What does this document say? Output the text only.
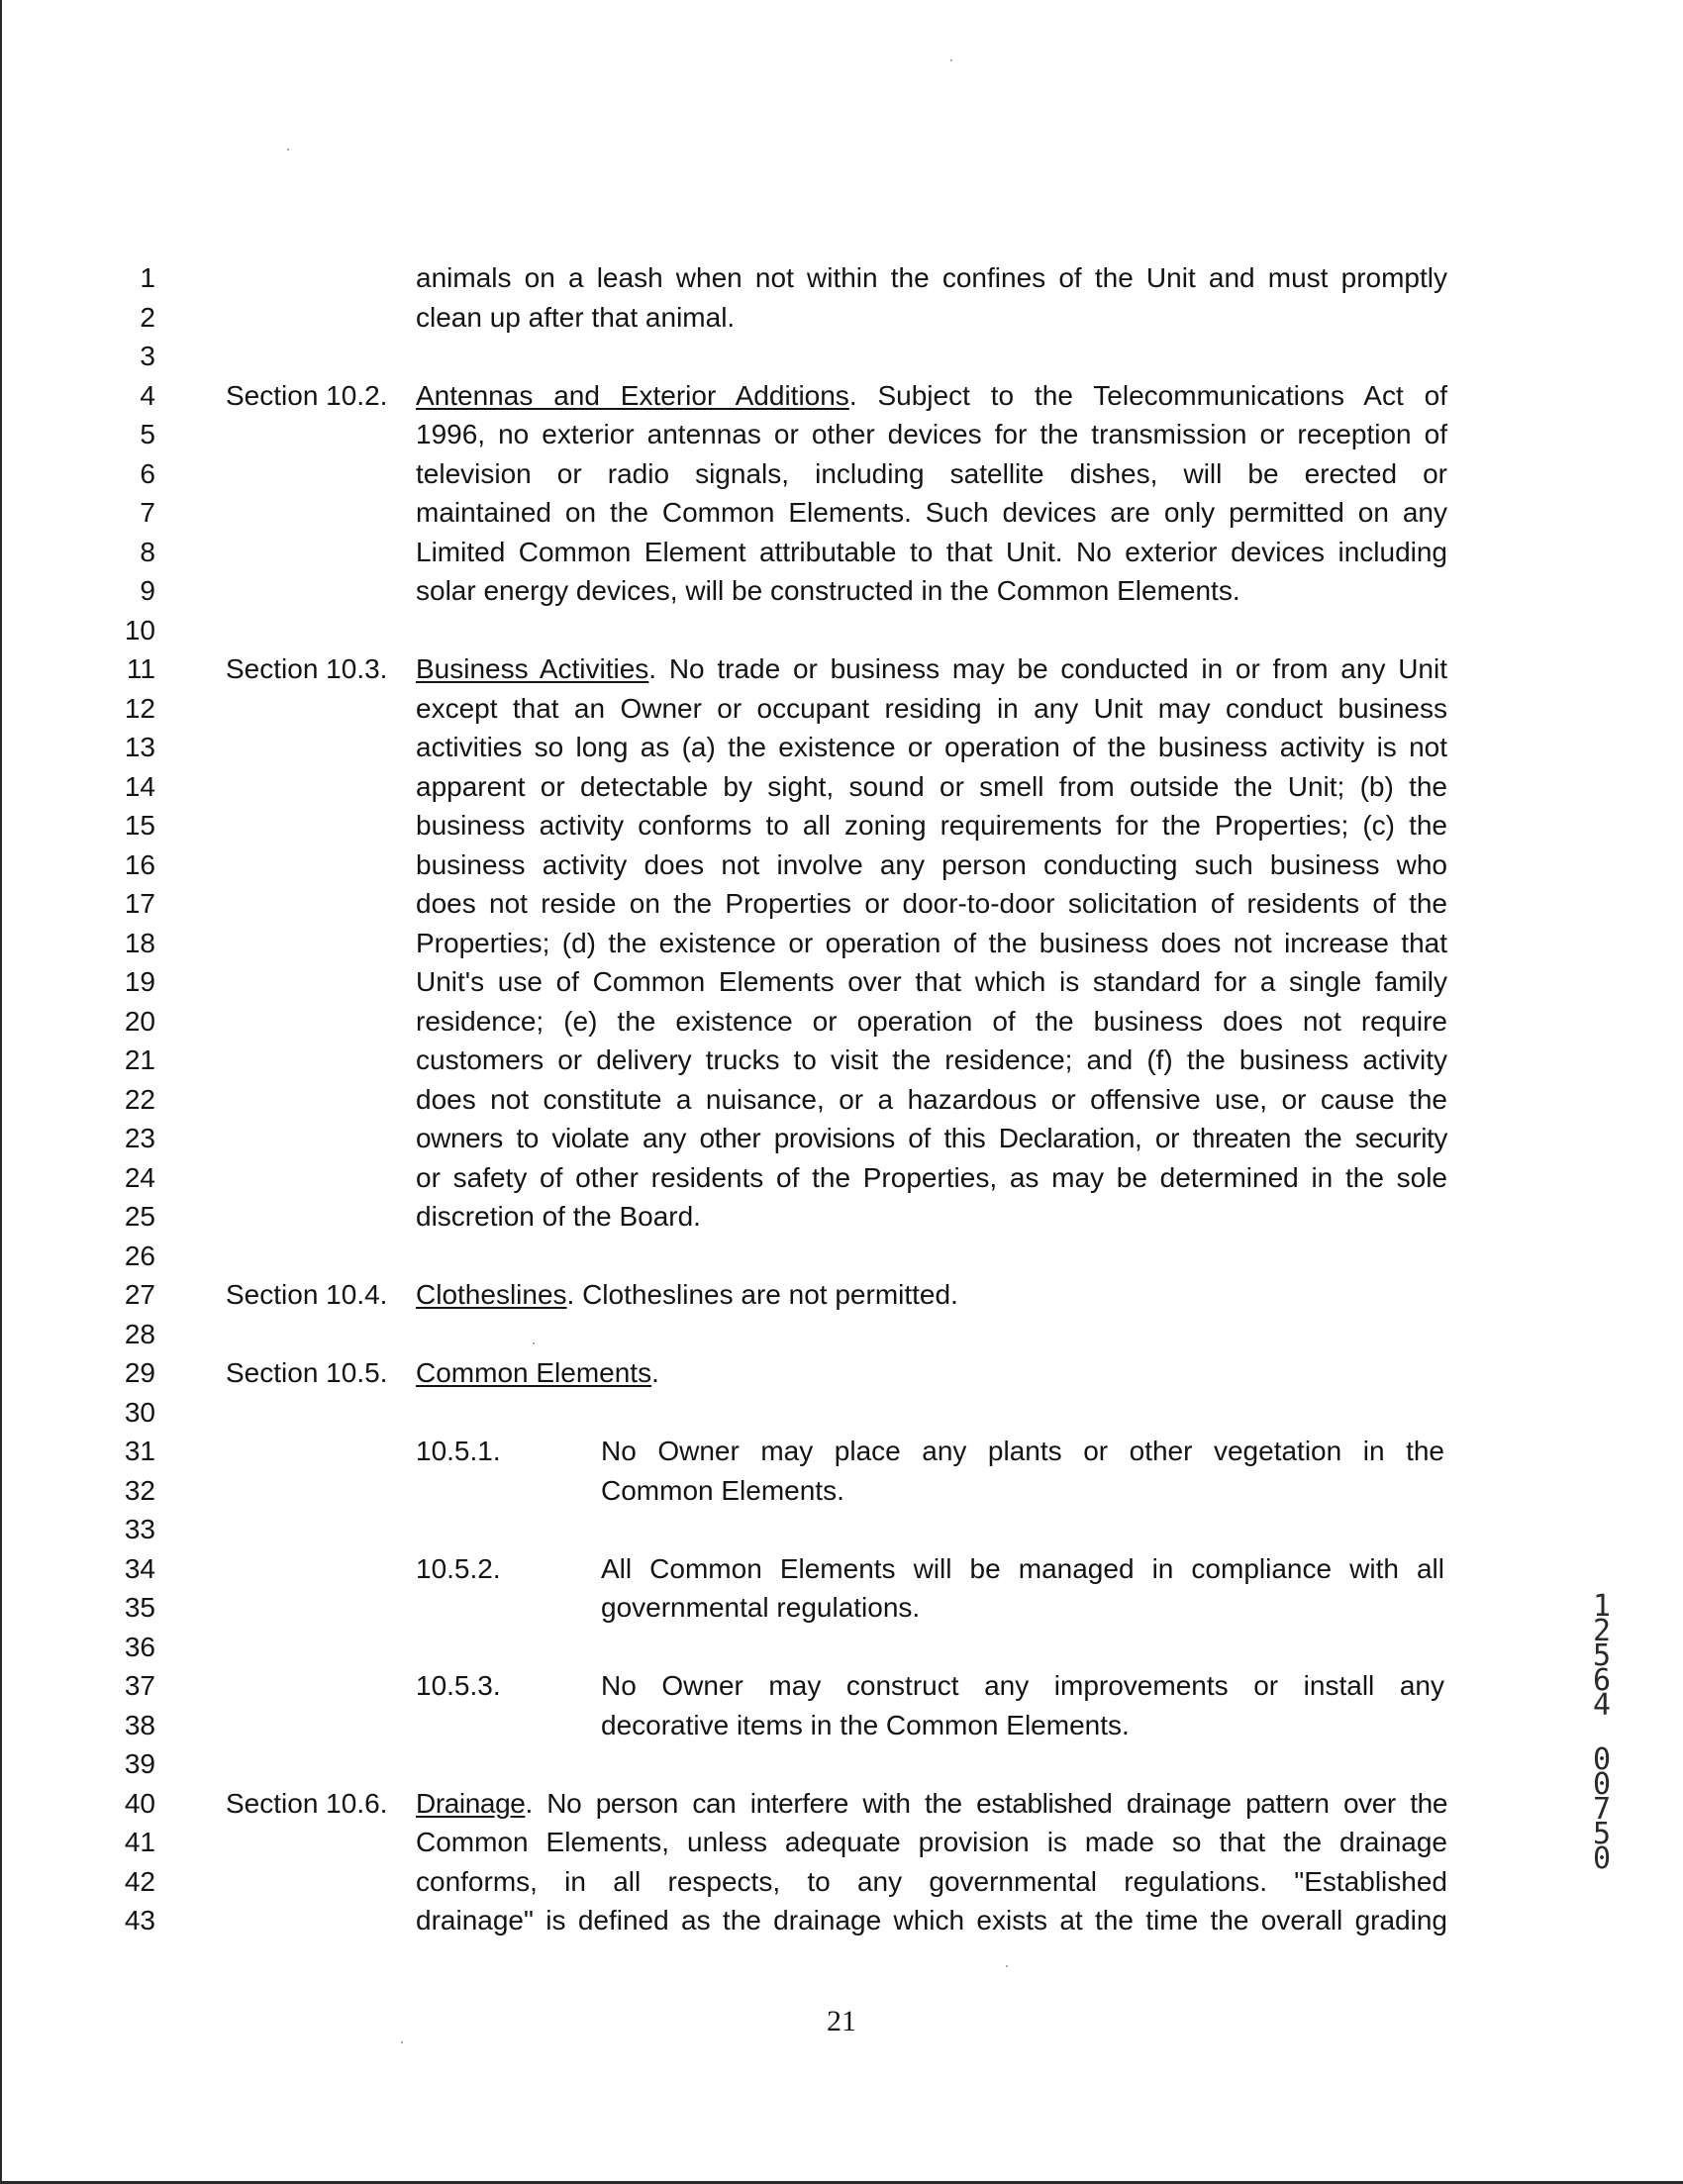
1	animals on a leash when not within the confines of the Unit and must promptly
2	clean up after that animal.
3
4	Section 10.2. Antennas and Exterior Additions. Subject to the Telecommunications Act of
5	1996, no exterior antennas or other devices for the transmission or reception of
6	television or radio signals, including satellite dishes, will be erected or
7	maintained on the Common Elements. Such devices are only permitted on any
8	Limited Common Element attributable to that Unit. No exterior devices including
9	solar energy devices, will be constructed in the Common Elements.
10
11	Section 10.3. Business Activities. No trade or business may be conducted in or from any Unit
12	except that an Owner or occupant residing in any Unit may conduct business
13	activities so long as (a) the existence or operation of the business activity is not
14	apparent or detectable by sight, sound or smell from outside the Unit; (b) the
15	business activity conforms to all zoning requirements for the Properties; (c) the
16	business activity does not involve any person conducting such business who
17	does not reside on the Properties or door-to-door solicitation of residents of the
18	Properties; (d) the existence or operation of the business does not increase that
19	Unit's use of Common Elements over that which is standard for a single family
20	residence; (e) the existence or operation of the business does not require
21	customers or delivery trucks to visit the residence; and (f) the business activity
22	does not constitute a nuisance, or a hazardous or offensive use, or cause the
23	owners to violate any other provisions of this Declaration, or threaten the security
24	or safety of other residents of the Properties, as may be determined in the sole
25	discretion of the Board.
26
27	Section 10.4. Clotheslines. Clotheslines are not permitted.
28
29	Section 10.5. Common Elements.
30
31	10.5.1.	No Owner may place any plants or other vegetation in the
32	Common Elements.
33
34	10.5.2.	All Common Elements will be managed in compliance with all
35	governmental regulations.
36
37	10.5.3.	No Owner may construct any improvements or install any
38	decorative items in the Common Elements.
39
40	Section 10.6. Drainage. No person can interfere with the established drainage pattern over the
41	Common Elements, unless adequate provision is made so that the drainage
42	conforms, in all respects, to any governmental regulations. "Established
43	drainage" is defined as the drainage which exists at the time the overall grading
21
1
2
5
6
4
0
0
7
5
0
